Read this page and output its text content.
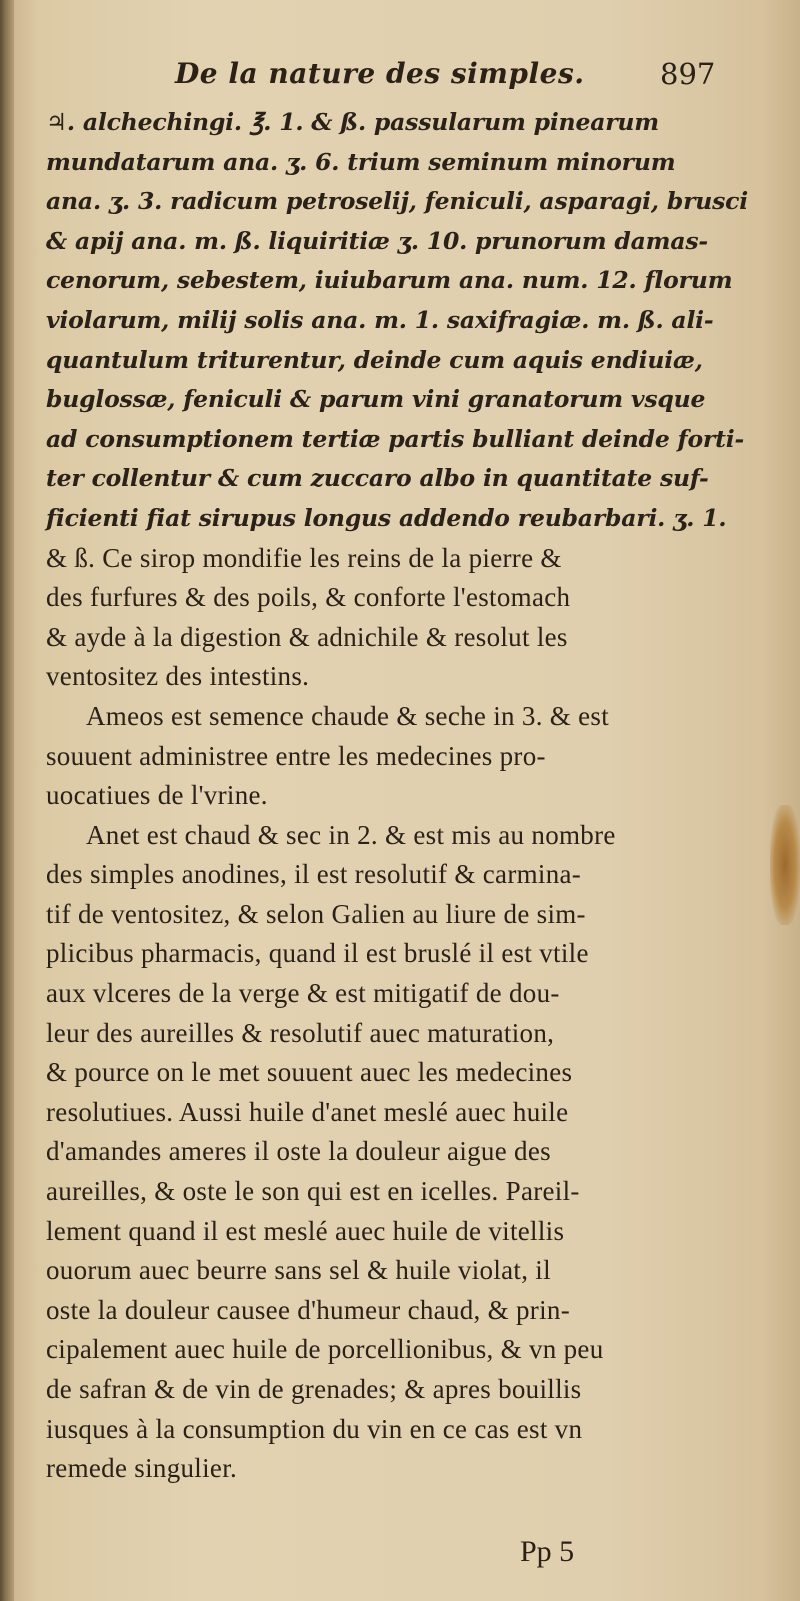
De la nature des simples.	897
♃. alchechingi. ℥. 1. & ß. passularum pinearum
mundatarum ana. ʒ. 6. trium seminum minorum
ana. ʒ. 3. radicum petroselij, feniculi, asparagi, brusci
& apij ana. m. ß. liquiritiæ ʒ. 10. prunorum damas-
cenorum, sebestem, iuiubarum ana. num. 12. florum
violarum, milij solis ana. m. 1. saxifragiæ. m. ß. ali-
quantulum triturentur, deinde cum aquis endiuiæ,
buglossæ, feniculi & parum vini granatorum vsque
ad consumptionem tertiæ partis bulliant deinde forti-
ter collentur & cum zuccaro albo in quantitate suf-
ficienti fiat sirupus longus addendo reubarbari. ʒ. 1.
& ß. Ce sirop mondifie les reins de la pierre &
des furfures & des poils, & conforte l'estomach
& ayde à la digestion & adnichile & resolut les
ventositez des intestins.
Ameos est semence chaude & seche in 3. & est
souuent administree entre les medecines pro-
uocatiues de l'vrine.
Anet est chaud & sec in 2. & est mis au nombre
des simples anodines, il est resolutif & carmina-
tif de ventositez, & selon Galien au liure de sim-
plicibus pharmacis, quand il est bruslé il est vtile
aux vlceres de la verge & est mitigatif de dou-
leur des aureilles & resolutif auec maturation,
& pource on le met souuent auec les medecines
resolutiues. Aussi huile d'anet meslé auec huile
d'amandes ameres il oste la douleur aigue des
aureilles, & oste le son qui est en icelles. Pareil-
lement quand il est meslé auec huile de vitellis
ouorum auec beurre sans sel & huile violat, il
oste la douleur causee d'humeur chaud, & prin-
cipalement auec huile de porcellionibus, & vn peu
de safran & de vin de grenades; & apres bouillis
iusques à la consumption du vin en ce cas est vn
remede singulier.
Pp 5
